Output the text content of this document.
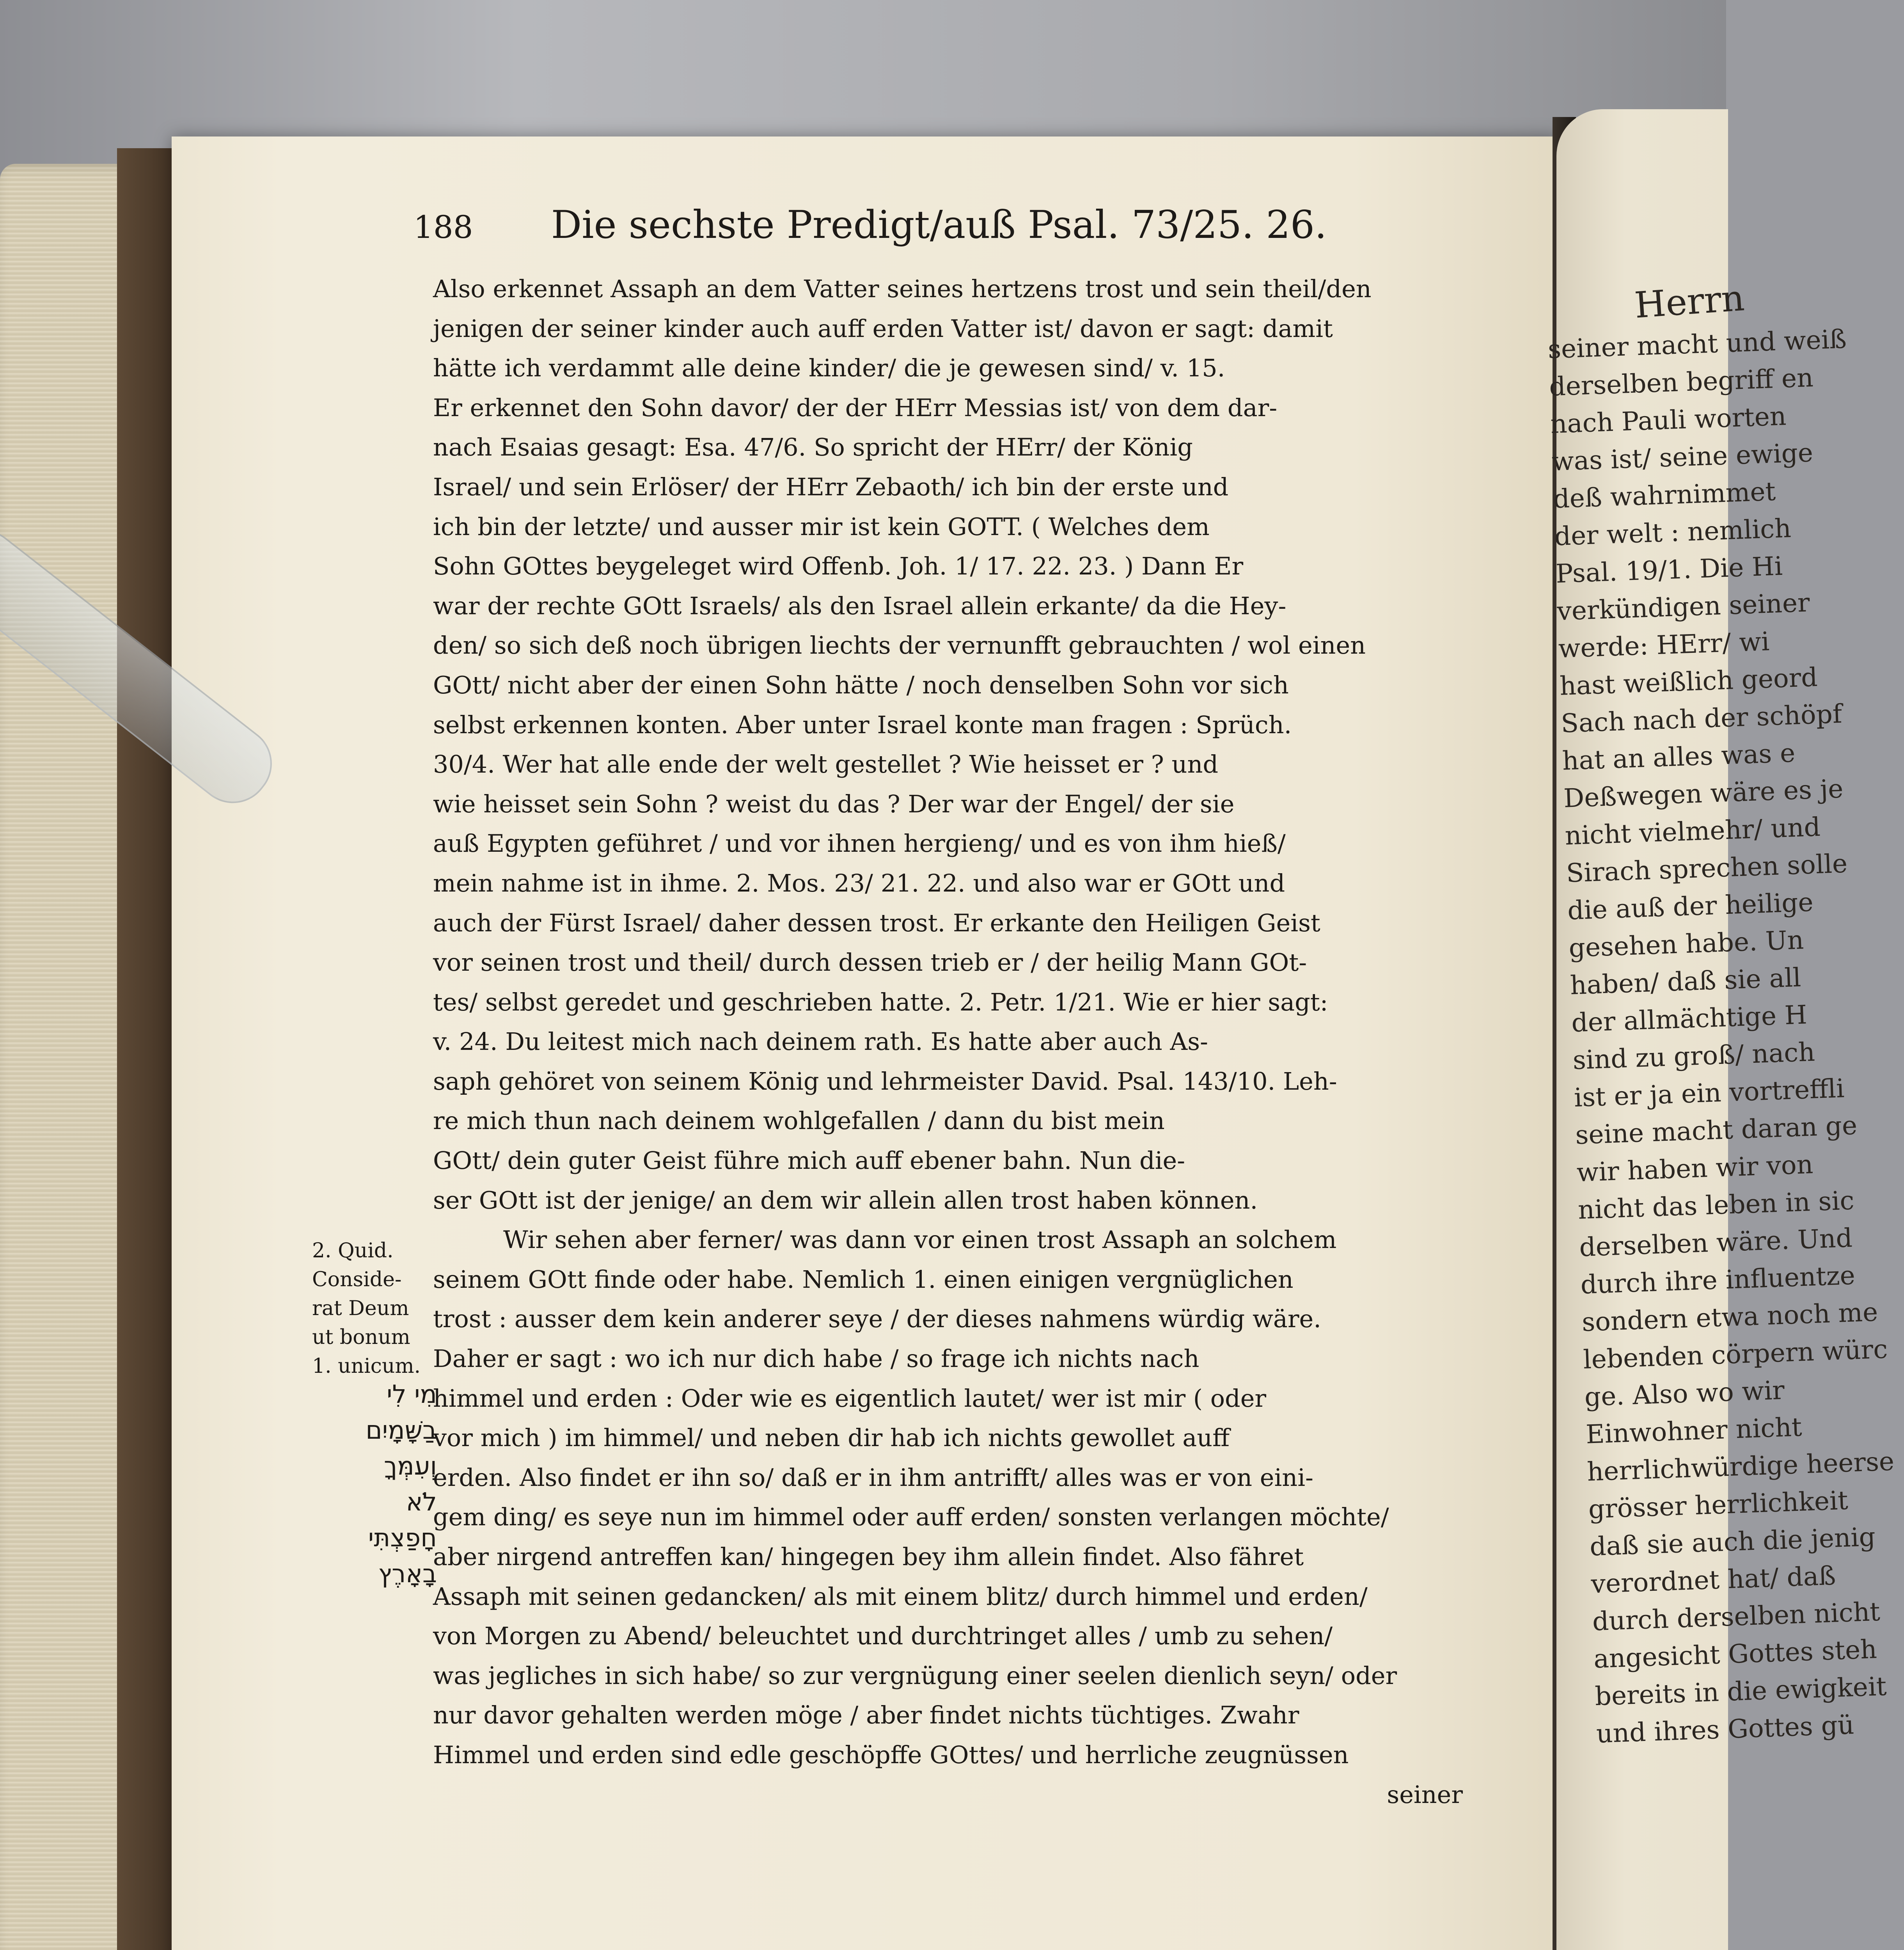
188 Die sechste Predigt/auß Psal. 73/25. 26.
Also erkennet Assaph an dem Vatter seines hertzens trost und sein theil/den
jenigen der seiner kinder auch auff erden Vatter ist/ davon er sagt: damit
hätte ich verdammt alle deine kinder/ die je gewesen sind/ v. 15.
Er erkennet den Sohn davor/ der der HErr Messias ist/ von dem dar-
nach Esaias gesagt: Esa. 47/6. So spricht der HErr/ der König
Israel/ und sein Erlöser/ der HErr Zebaoth/ ich bin der erste und
ich bin der letzte/ und ausser mir ist kein GOTT. ( Welches dem
Sohn GOttes beygeleget wird Offenb. Joh. 1/ 17. 22. 23. ) Dann Er
war der rechte GOtt Israels/ als den Israel allein erkante/ da die Hey-
den/ so sich deß noch übrigen liechts der vernunfft gebrauchten / wol einen
GOtt/ nicht aber der einen Sohn hätte / noch denselben Sohn vor sich
selbst erkennen konten. Aber unter Israel konte man fragen : Sprüch.
30/4. Wer hat alle ende der welt gestellet ? Wie heisset er ? und
wie heisset sein Sohn ? weist du das ? Der war der Engel/ der sie
auß Egypten geführet / und vor ihnen hergieng/ und es von ihm hieß/
mein nahme ist in ihme. 2. Mos. 23/ 21. 22. und also war er GOtt und
auch der Fürst Israel/ daher dessen trost. Er erkante den Heiligen Geist
vor seinen trost und theil/ durch dessen trieb er / der heilig Mann GOt-
tes/ selbst geredet und geschrieben hatte. 2. Petr. 1/21. Wie er hier sagt:
v. 24. Du leitest mich nach deinem rath. Es hatte aber auch As-
saph gehöret von seinem König und lehrmeister David. Psal. 143/10. Leh-
re mich thun nach deinem wohlgefallen / dann du bist mein
GOtt/ dein guter Geist führe mich auff ebener bahn. Nun die-
ser GOtt ist der jenige/ an dem wir allein allen trost haben können.
Wir sehen aber ferner/ was dann vor einen trost Assaph an solchem
seinem GOtt finde oder habe. Nemlich 1. einen einigen vergnüglichen
trost : ausser dem kein anderer seye / der dieses nahmens würdig wäre.
Daher er sagt : wo ich nur dich habe / so frage ich nichts nach
himmel und erden : Oder wie es eigentlich lautet/ wer ist mir ( oder
vor mich ) im himmel/ und neben dir hab ich nichts gewollet auff
erden. Also findet er ihn so/ daß er in ihm antrifft/ alles was er von eini-
gem ding/ es seye nun im himmel oder auff erden/ sonsten verlangen möchte/
aber nirgend antreffen kan/ hingegen bey ihm allein findet. Also fähret
Assaph mit seinen gedancken/ als mit einem blitz/ durch himmel und erden/
von Morgen zu Abend/ beleuchtet und durchtringet alles / umb zu sehen/
was jegliches in sich habe/ so zur vergnügung einer seelen dienlich seyn/ oder
nur davor gehalten werden möge / aber findet nichts tüchtiges. Zwahr
Himmel und erden sind edle geschöpffe GOttes/ und herrliche zeugnüssen
seiner
2. Quid.
Conside-
rat Deum
ut bonum
1. unicum.
מִי לִי
בַשָּׁמָיִם
וְעִמְּךָ
לֹא
חָפַצְתִּי
בָאָרֶץ
Herrn
seiner macht und weiß
derselben begriff en
nach Pauli worten
was ist/ seine ewige
deß wahrnimmet
der welt : nemlich
Psal. 19/1. Die Hi
verkündigen seiner
werde: HErr/ wi
hast weißlich geord
Sach nach der schöpf
hat an alles was e
Deßwegen wäre es je
nicht vielmehr/ und
Sirach sprechen solle
die auß der heilige
gesehen habe. Un
haben/ daß sie all
der allmächtige H
sind zu groß/ nach
ist er ja ein vortreffli
seine macht daran ge
wir haben wir von
nicht das leben in sic
derselben wäre. Und
durch ihre influentze
sondern etwa noch me
lebenden cörpern würc
ge. Also wo wir
Einwohner nicht
herrlichwürdige heerse
grösser herrlichkeit
daß sie auch die jenig
verordnet hat/ daß
durch derselben nicht
angesicht Gottes steh
bereits in die ewigkeit
und ihres Gottes gü
